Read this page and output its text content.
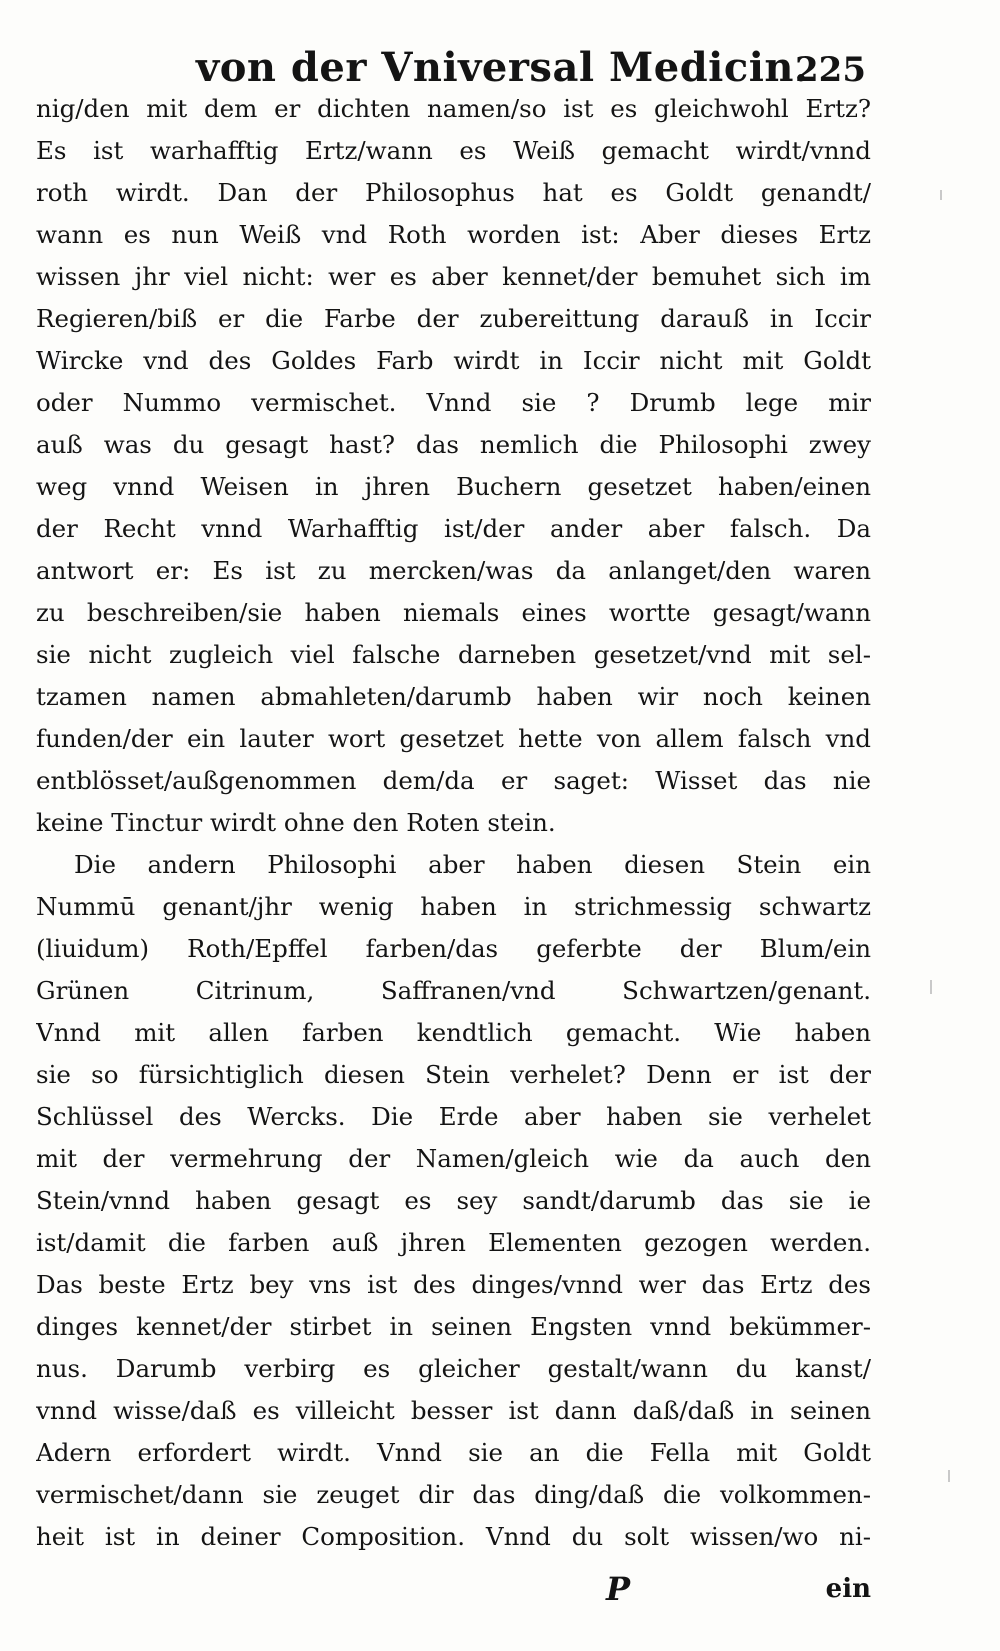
von der Vniversal Medicin.
225
nig/den mit dem er dichten namen/so ist es gleichwohl Ertz?
Es ist warhafftig Ertz/wann es Weiß gemacht wirdt/vnnd
roth wirdt. Dan der Philosophus hat es Goldt genandt/
wann es nun Weiß vnd Roth worden ist: Aber dieses Ertz
wissen jhr viel nicht: wer es aber kennet/der bemuhet sich im
Regieren/biß er die Farbe der zubereittung darauß in Iccir
Wircke vnd des Goldes Farb wirdt in Iccir nicht mit Goldt
oder Nummo vermischet. Vnnd sie ? Drumb lege mir
auß was du gesagt hast? das nemlich die Philosophi zwey
weg vnnd Weisen in jhren Buchern gesetzet haben/einen
der Recht vnnd Warhafftig ist/der ander aber falsch. Da
antwort er: Es ist zu mercken/was da anlanget/den waren
zu beschreiben/sie haben niemals eines wortte gesagt/wann
sie nicht zugleich viel falsche darneben gesetzet/vnd mit sel-
tzamen namen abmahleten/darumb haben wir noch keinen
funden/der ein lauter wort gesetzet hette von allem falsch vnd
entblösset/außgenommen dem/da er saget: Wisset das nie
keine Tinctur wirdt ohne den Roten stein.
Die andern Philosophi aber haben diesen Stein ein
Nummū genant/jhr wenig haben in strichmessig schwartz
(liuidum) Roth/Epffel farben/das geferbte der Blum/ein
Grünen Citrinum, Saffranen/vnd Schwartzen/genant.
Vnnd mit allen farben kendtlich gemacht. Wie haben
sie so fürsichtiglich diesen Stein verhelet? Denn er ist der
Schlüssel des Wercks. Die Erde aber haben sie verhelet
mit der vermehrung der Namen/gleich wie da auch den
Stein/vnnd haben gesagt es sey sandt/darumb das sie ie
ist/damit die farben auß jhren Elementen gezogen werden.
Das beste Ertz bey vns ist des dinges/vnnd wer das Ertz des
dinges kennet/der stirbet in seinen Engsten vnnd bekümmer-
nus. Darumb verbirg es gleicher gestalt/wann du kanst/
vnnd wisse/daß es villeicht besser ist dann daß/daß in seinen
Adern erfordert wirdt. Vnnd sie an die Fella mit Goldt
vermischet/dann sie zeuget dir das ding/daß die volkommen-
heit ist in deiner Composition. Vnnd du solt wissen/wo ni-
P	ein
